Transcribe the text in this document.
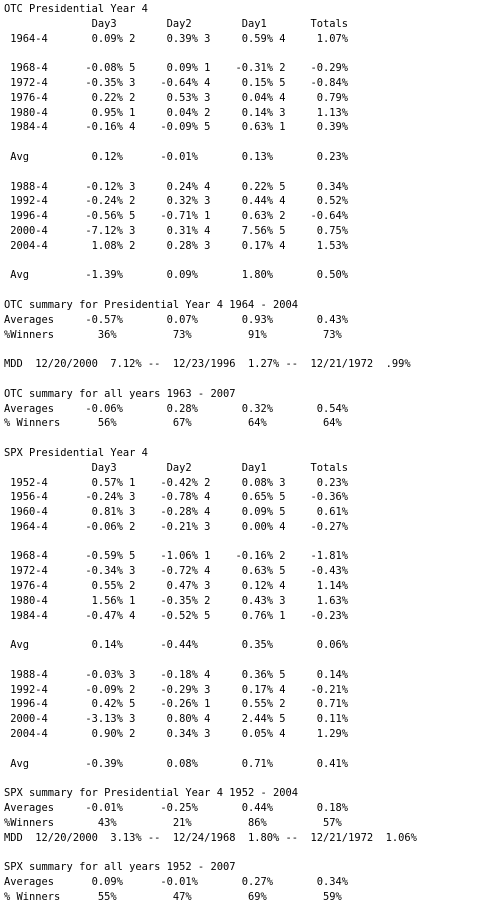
OTC Presidential Year 4
Day3        Day2        Day1       Totals
1964-4       0.09% 2     0.39% 3     0.59% 4     1.07%
1968-4      -0.08% 5     0.09% 1    -0.31% 2    -0.29%
1972-4      -0.35% 3    -0.64% 4     0.15% 5    -0.84%
1976-4       0.22% 2     0.53% 3     0.04% 4     0.79%
1980-4       0.95% 1     0.04% 2     0.14% 3     1.13%
1984-4      -0.16% 4    -0.09% 5     0.63% 1     0.39%
Avg          0.12%      -0.01%       0.13%       0.23%
1988-4      -0.12% 3     0.24% 4     0.22% 5     0.34%
1992-4      -0.24% 2     0.32% 3     0.44% 4     0.52%
1996-4      -0.56% 5    -0.71% 1     0.63% 2    -0.64%
2000-4      -7.12% 3     0.31% 4     7.56% 5     0.75%
2004-4       1.08% 2     0.28% 3     0.17% 4     1.53%
Avg         -1.39%       0.09%       1.80%       0.50%
OTC summary for Presidential Year 4 1964 - 2004
Averages     -0.57%       0.07%       0.93%       0.43%
%Winners       36%         73%         91%         73%
MDD  12/20/2000  7.12% --  12/23/1996  1.27% --  12/21/1972  .99%
OTC summary for all years 1963 - 2007
Averages     -0.06%       0.28%       0.32%       0.54%
% Winners      56%         67%         64%         64%
SPX Presidential Year 4
Day3        Day2        Day1       Totals
1952-4       0.57% 1    -0.42% 2     0.08% 3     0.23%
1956-4      -0.24% 3    -0.78% 4     0.65% 5    -0.36%
1960-4       0.81% 3    -0.28% 4     0.09% 5     0.61%
1964-4      -0.06% 2    -0.21% 3     0.00% 4    -0.27%
1968-4      -0.59% 5    -1.06% 1    -0.16% 2    -1.81%
1972-4      -0.34% 3    -0.72% 4     0.63% 5    -0.43%
1976-4       0.55% 2     0.47% 3     0.12% 4     1.14%
1980-4       1.56% 1    -0.35% 2     0.43% 3     1.63%
1984-4      -0.47% 4    -0.52% 5     0.76% 1    -0.23%
Avg          0.14%      -0.44%       0.35%       0.06%
1988-4      -0.03% 3    -0.18% 4     0.36% 5     0.14%
1992-4      -0.09% 2    -0.29% 3     0.17% 4    -0.21%
1996-4       0.42% 5    -0.26% 1     0.55% 2     0.71%
2000-4      -3.13% 3     0.80% 4     2.44% 5     0.11%
2004-4       0.90% 2     0.34% 3     0.05% 4     1.29%
Avg         -0.39%       0.08%       0.71%       0.41%
SPX summary for Presidential Year 4 1952 - 2004
Averages     -0.01%      -0.25%       0.44%       0.18%
%Winners       43%         21%         86%         57%
MDD  12/20/2000  3.13% --  12/24/1968  1.80% --  12/21/1972  1.06%
SPX summary for all years 1952 - 2007
Averages      0.09%      -0.01%       0.27%       0.34%
% Winners      55%         47%         69%         59%
